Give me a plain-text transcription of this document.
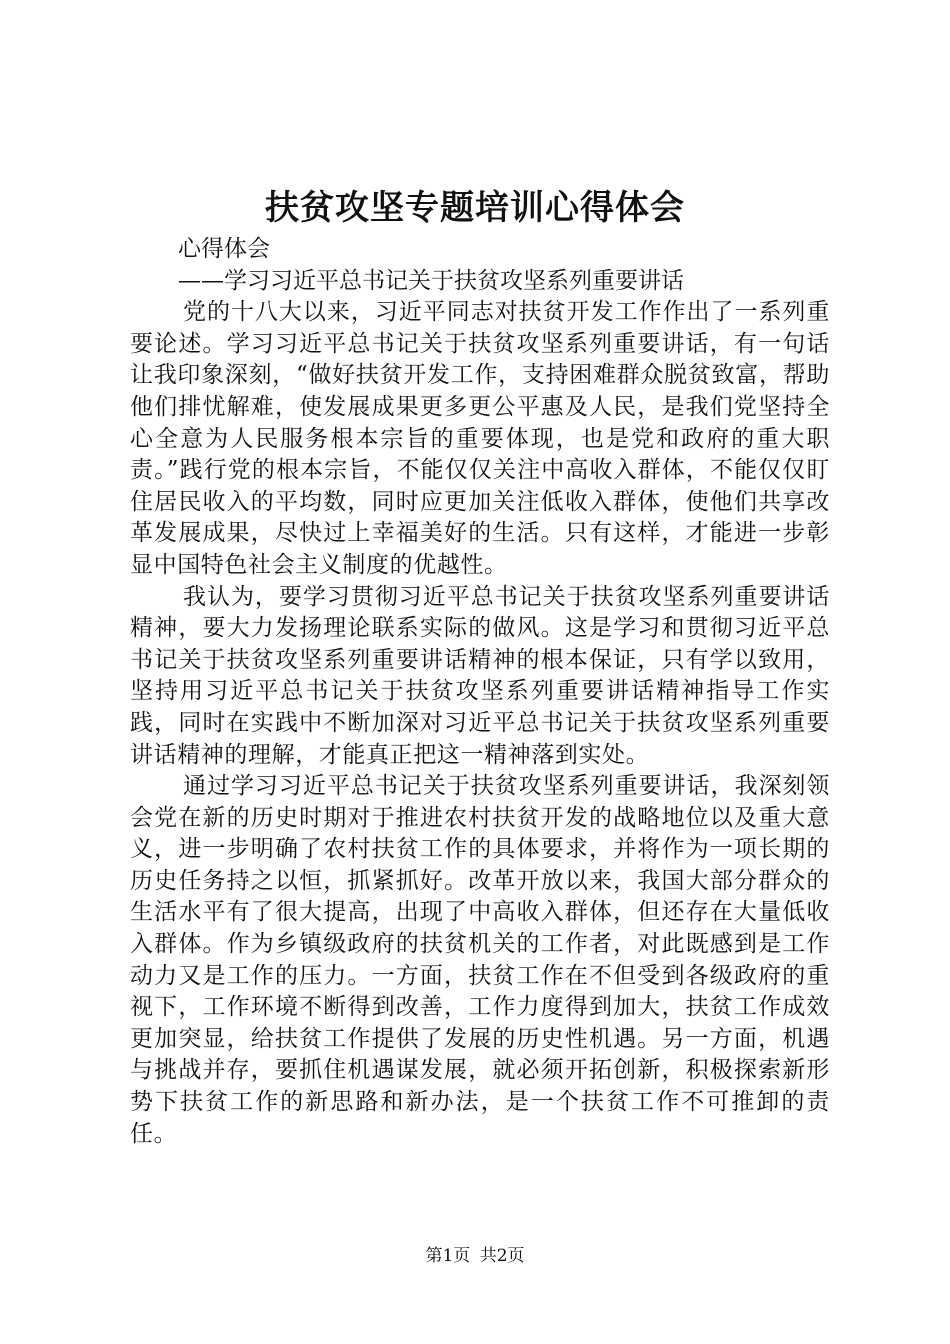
扶贫攻坚专题培训心得体会

心得体会

——学习习近平总书记关于扶贫攻坚系列重要讲话

党的十八大以来，习近平同志对扶贫开发工作作出了一系列重要论述。学习习近平总书记关于扶贫攻坚系列重要讲话，有一句话让我印象深刻，“做好扶贫开发工作，支持困难群众脱贫致富，帮助他们排忧解难，使发展成果更多更公平惠及人民，是我们党坚持全心全意为人民服务根本宗旨的重要体现，也是党和政府的重大职责。”践行党的根本宗旨，不能仅仅关注中高收入群体，不能仅仅盯住居民收入的平均数，同时应更加关注低收入群体，使他们共享改革发展成果，尽快过上幸福美好的生活。只有这样，才能进一步彰显中国特色社会主义制度的优越性。

我认为，要学习贯彻习近平总书记关于扶贫攻坚系列重要讲话精神，要大力发扬理论联系实际的做风。这是学习和贯彻习近平总书记关于扶贫攻坚系列重要讲话精神的根本保证，只有学以致用，坚持用习近平总书记关于扶贫攻坚系列重要讲话精神指导工作实践，同时在实践中不断加深对习近平总书记关于扶贫攻坚系列重要讲话精神的理解，才能真正把这一精神落到实处。

通过学习习近平总书记关于扶贫攻坚系列重要讲话，我深刻领会党在新的历史时期对于推进农村扶贫开发的战略地位以及重大意义，进一步明确了农村扶贫工作的具体要求，并将作为一项长期的历史任务持之以恒，抓紧抓好。改革开放以来，我国大部分群众的生活水平有了很大提高，出现了中高收入群体，但还存在大量低收入群体。作为乡镇级政府的扶贫机关的工作者，对此既感到是工作动力又是工作的压力。一方面，扶贫工作在不但受到各级政府的重视下，工作环境不断得到改善，工作力度得到加大，扶贫工作成效更加突显，给扶贫工作提供了发展的历史性机遇。另一方面，机遇与挑战并存，要抓住机遇谋发展，就必须开拓创新，积极探索新形势下扶贫工作的新思路和新办法，是一个扶贫工作不可推卸的责任。

第1页 共2页
